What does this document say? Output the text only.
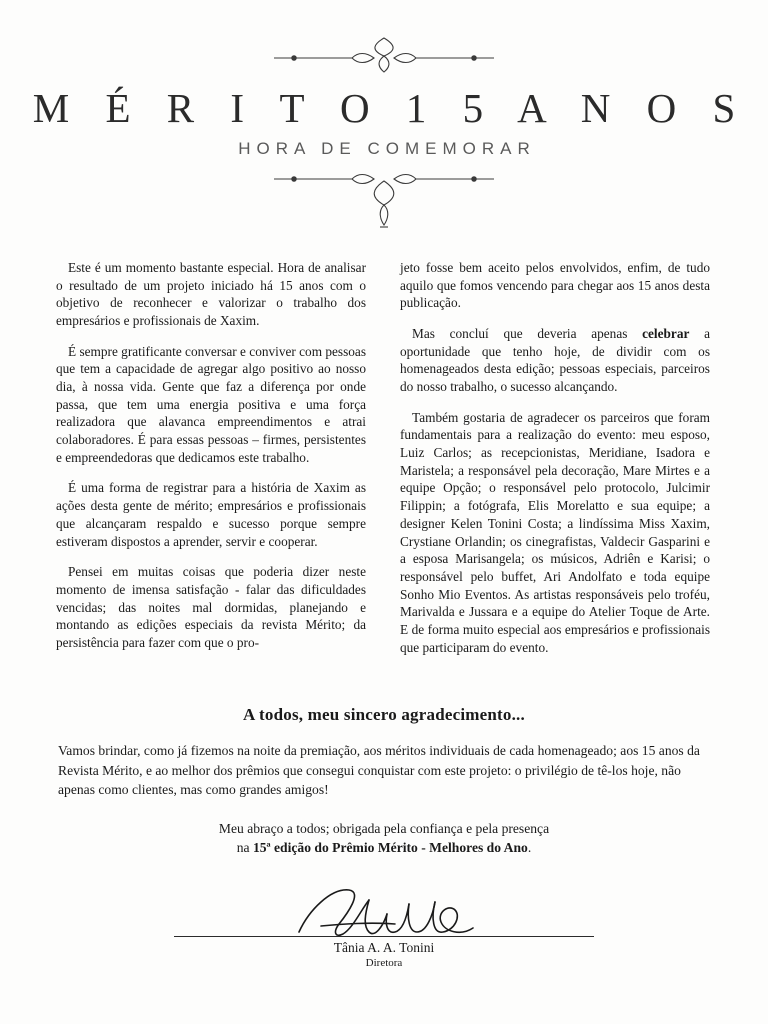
M É R I T O 1 5 A N O S
HORA DE COMEMORAR

Este é um momento bastante especial. Hora de analisar o resultado de um projeto iniciado há 15 anos com o objetivo de reconhecer e valorizar o trabalho dos empresários e profissionais de Xaxim.

É sempre gratificante conversar e conviver com pessoas que tem a capacidade de agregar algo positivo ao nosso dia, à nossa vida. Gente que faz a diferença por onde passa, que tem uma energia positiva e uma força realizadora que alavanca empreendimentos e atrai colaboradores. É para essas pessoas – firmes, persistentes e empreendedoras que dedicamos este trabalho.

É uma forma de registrar para a história de Xaxim as ações desta gente de mérito; empresários e profissionais que alcançaram respaldo e sucesso porque sempre estiveram dispostos a aprender, servir e cooperar.

Pensei em muitas coisas que poderia dizer neste momento de imensa satisfação - falar das dificuldades vencidas; das noites mal dormidas, planejando e montando as edições especiais da revista Mérito; da persistência para fazer com que o pro-

jeto fosse bem aceito pelos envolvidos, enfim, de tudo aquilo que fomos vencendo para chegar aos 15 anos desta publicação.

Mas concluí que deveria apenas celebrar a oportunidade que tenho hoje, de dividir com os homenageados desta edição; pessoas especiais, parceiros do nosso trabalho, o sucesso alcançando.

Também gostaria de agradecer os parceiros que foram fundamentais para a realização do evento: meu esposo, Luiz Carlos; as recepcionistas, Meridiane, Isadora e Maristela; a responsável pela decoração, Mare Mirtes e a equipe Opção; o responsável pelo protocolo, Julcimir Filippin; a fotógrafa, Elis Morelatto e sua equipe; a designer Kelen Tonini Costa; a lindíssima Miss Xaxim, Crystiane Orlandin; os cinegrafistas, Valdecir Gasparini e a esposa Marisangela; os músicos, Adriên e Karisi; o responsável pelo buffet, Ari Andolfato e toda equipe Sonho Mio Eventos. As artistas responsáveis pelo troféu, Marivalda e Jussara e a equipe do Atelier Toque de Arte. E de forma muito especial aos empresários e profissionais que participaram do evento.

A todos, meu sincero agradecimento...
Vamos brindar, como já fizemos na noite da premiação, aos méritos individuais de cada homenageado; aos 15 anos da Revista Mérito, e ao melhor dos prêmios que consegui conquistar com este projeto: o privilégio de tê-los hoje, não apenas como clientes, mas como grandes amigos!
Meu abraço a todos; obrigada pela confiança e pela presença
na 15ª edição do Prêmio Mérito - Melhores do Ano.
Tânia A. A. Tonini
Diretora
